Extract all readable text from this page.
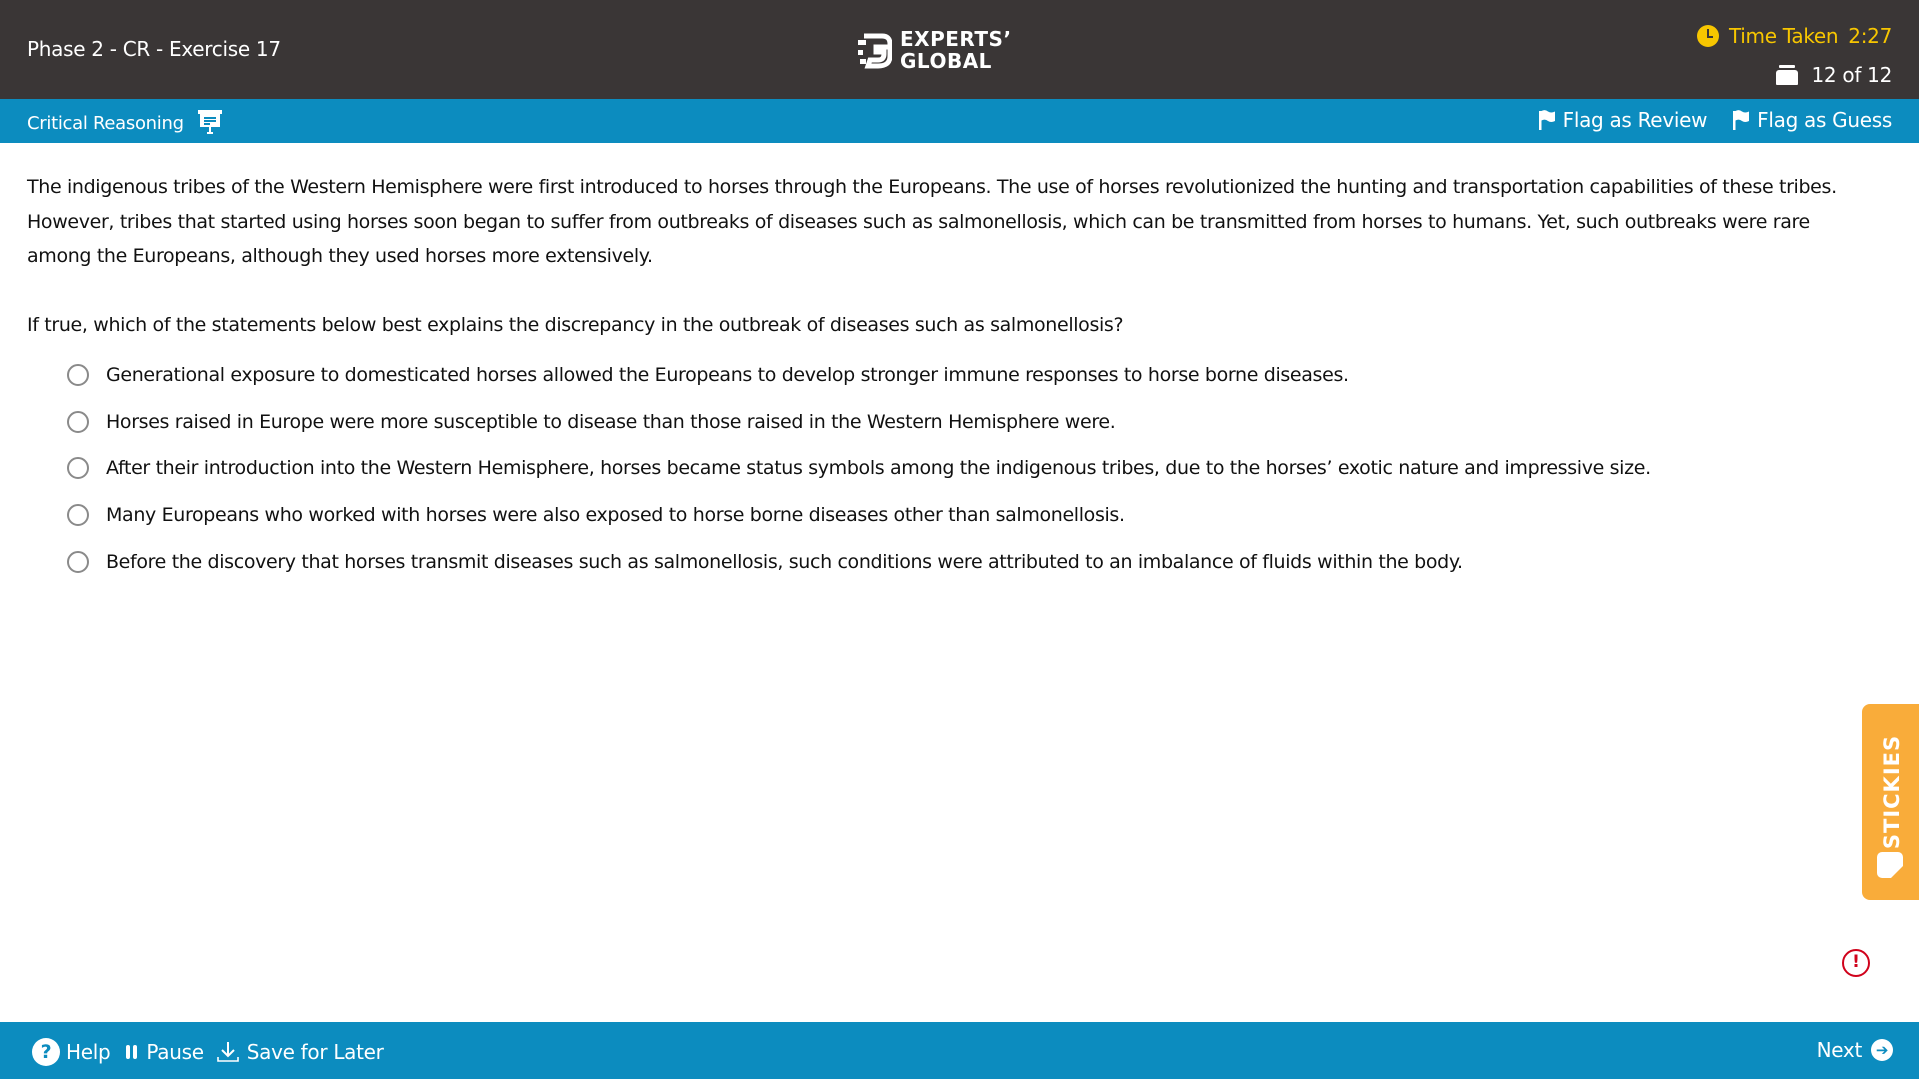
Phase 2 - CR - Exercise 17	EXPERTS’
GLOBAL
Time Taken 2:27
12 of 12
Critical Reasoning	Flag as Review	Flag as Guess

The indigenous tribes of the Western Hemisphere were first introduced to horses through the Europeans. The use of horses revolutionized the hunting and transportation capabilities of these tribes. However, tribes that started using horses soon began to suffer from outbreaks of diseases such as salmonellosis, which can be transmitted from horses to humans. Yet, such outbreaks were rare among the Europeans, although they used horses more extensively.

If true, which of the statements below best explains the discrepancy in the outbreak of diseases such as salmonellosis?

Generational exposure to domesticated horses allowed the Europeans to develop stronger immune responses to horse borne diseases.
Horses raised in Europe were more susceptible to disease than those raised in the Western Hemisphere were.
After their introduction into the Western Hemisphere, horses became status symbols among the indigenous tribes, due to the horses’ exotic nature and impressive size.
Many Europeans who worked with horses were also exposed to horse borne diseases other than salmonellosis.
Before the discovery that horses transmit diseases such as salmonellosis, such conditions were attributed to an imbalance of fluids within the body.
STICKIES
!
? Help Pause Save for Later	Next ➔
